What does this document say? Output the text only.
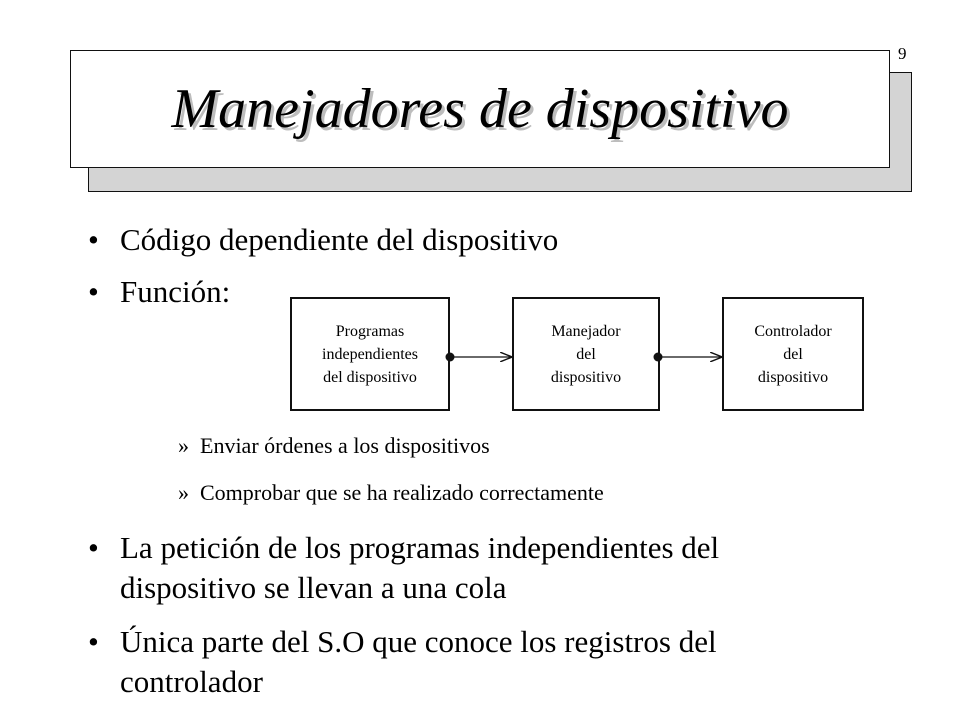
9
Manejadores de dispositivo
• Código dependiente del dispositivo
• Función:
Programas
independientes
del dispositivo
Manejador
del
dispositivo
Controlador
del
dispositivo
» Enviar órdenes a los dispositivos
» Comprobar que se ha realizado correctamente
• La petición de los programas independientes del
dispositivo se llevan a una cola
• Única parte del S.O que conoce los registros del
controlador
